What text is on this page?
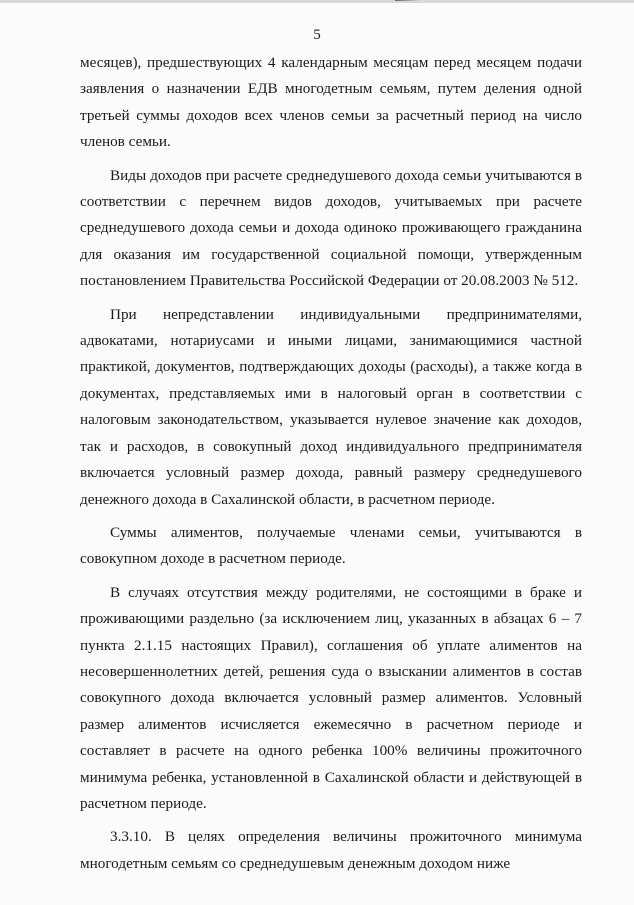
5

месяцев), предшествующих 4 календарным месяцам перед месяцем подачи заявления о назначении ЕДВ многодетным семьям, путем деления одной третьей суммы доходов всех членов семьи за расчетный период на число членов семьи.

Виды доходов при расчете среднедушевого дохода семьи учитываются в соответствии с перечнем видов доходов, учитываемых при расчете среднедушевого дохода семьи и дохода одиноко проживающего гражданина для оказания им государственной социальной помощи, утвержденным постановлением Правительства Российской Федерации от 20.08.2003 № 512.

При непредставлении индивидуальными предпринимателями, адвокатами, нотариусами и иными лицами, занимающимися частной практикой, документов, подтверждающих доходы (расходы), а также когда в документах, представляемых ими в налоговый орган в соответствии с налоговым законодательством, указывается нулевое значение как доходов, так и расходов, в совокупный доход индивидуального предпринимателя включается условный размер дохода, равный размеру среднедушевого денежного дохода в Сахалинской области, в расчетном периоде.

Суммы алиментов, получаемые членами семьи, учитываются в совокупном доходе в расчетном периоде.

В случаях отсутствия между родителями, не состоящими в браке и проживающими раздельно (за исключением лиц, указанных в абзацах 6 – 7 пункта 2.1.15 настоящих Правил), соглашения об уплате алиментов на несовершеннолетних детей, решения суда о взыскании алиментов в состав совокупного дохода включается условный размер алиментов. Условный размер алиментов исчисляется ежемесячно в расчетном периоде и составляет в расчете на одного ребенка 100% величины прожиточного минимума ребенка, установленной в Сахалинской области и действующей в расчетном периоде.

3.3.10. В целях определения величины прожиточного минимума многодетным семьям со среднедушевым денежным доходом ниже
